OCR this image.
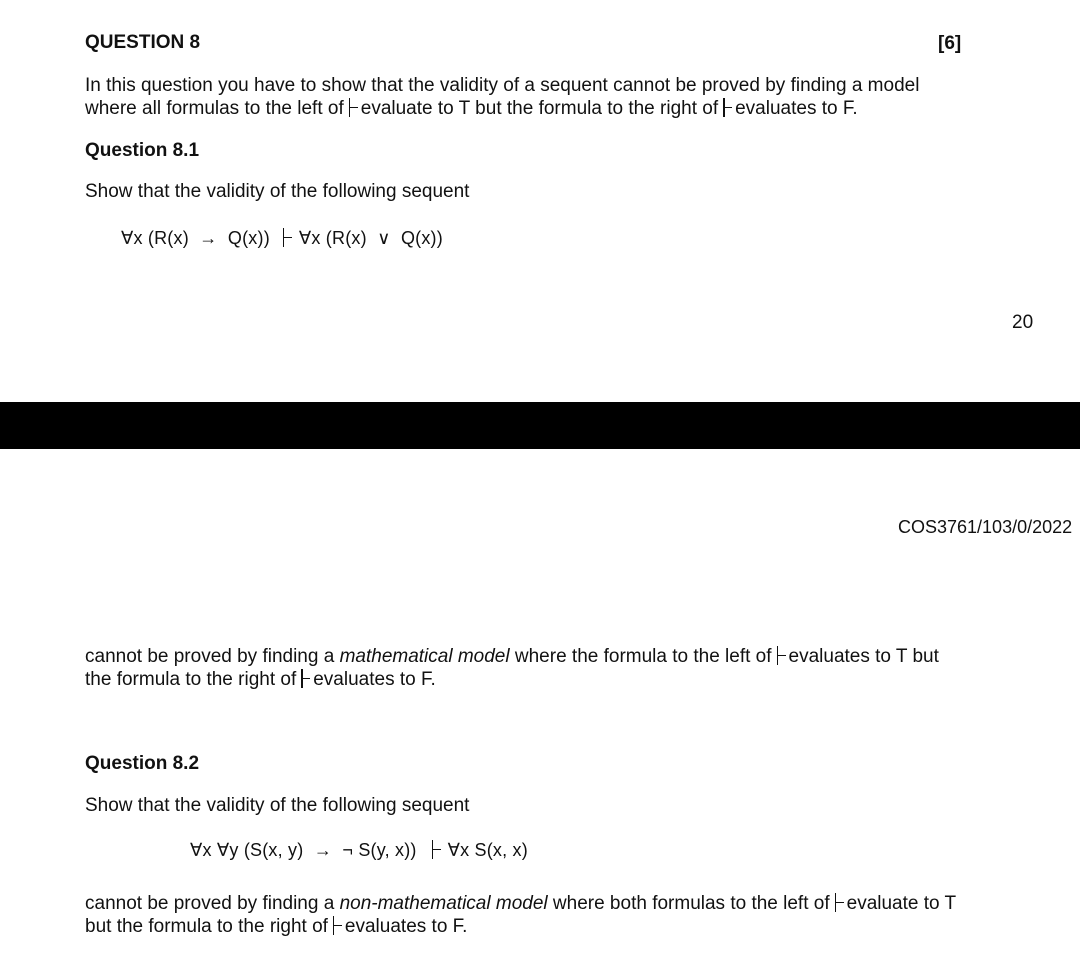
QUESTION 8	[6]
In this question you have to show that the validity of a sequent cannot be proved by finding a model
where all formulas to the left of evaluate to T but the formula to the right of evaluates to F.
Question 8.1
Show that the validity of the following sequent
∀x (R(x)  →  Q(x)) ∀x (R(x)  ∨  Q(x))
20
COS3761/103/0/2022
cannot be proved by finding a mathematical model where the formula to the left of evaluates to T but
the formula to the right of evaluates to F.
Question 8.2
Show that the validity of the following sequent
∀x ∀y (S(x, y)  →  ¬ S(y, x)) ∀x S(x, x)
cannot be proved by finding a non-mathematical model where both formulas to the left of evaluate to T
but the formula to the right of evaluates to F.
